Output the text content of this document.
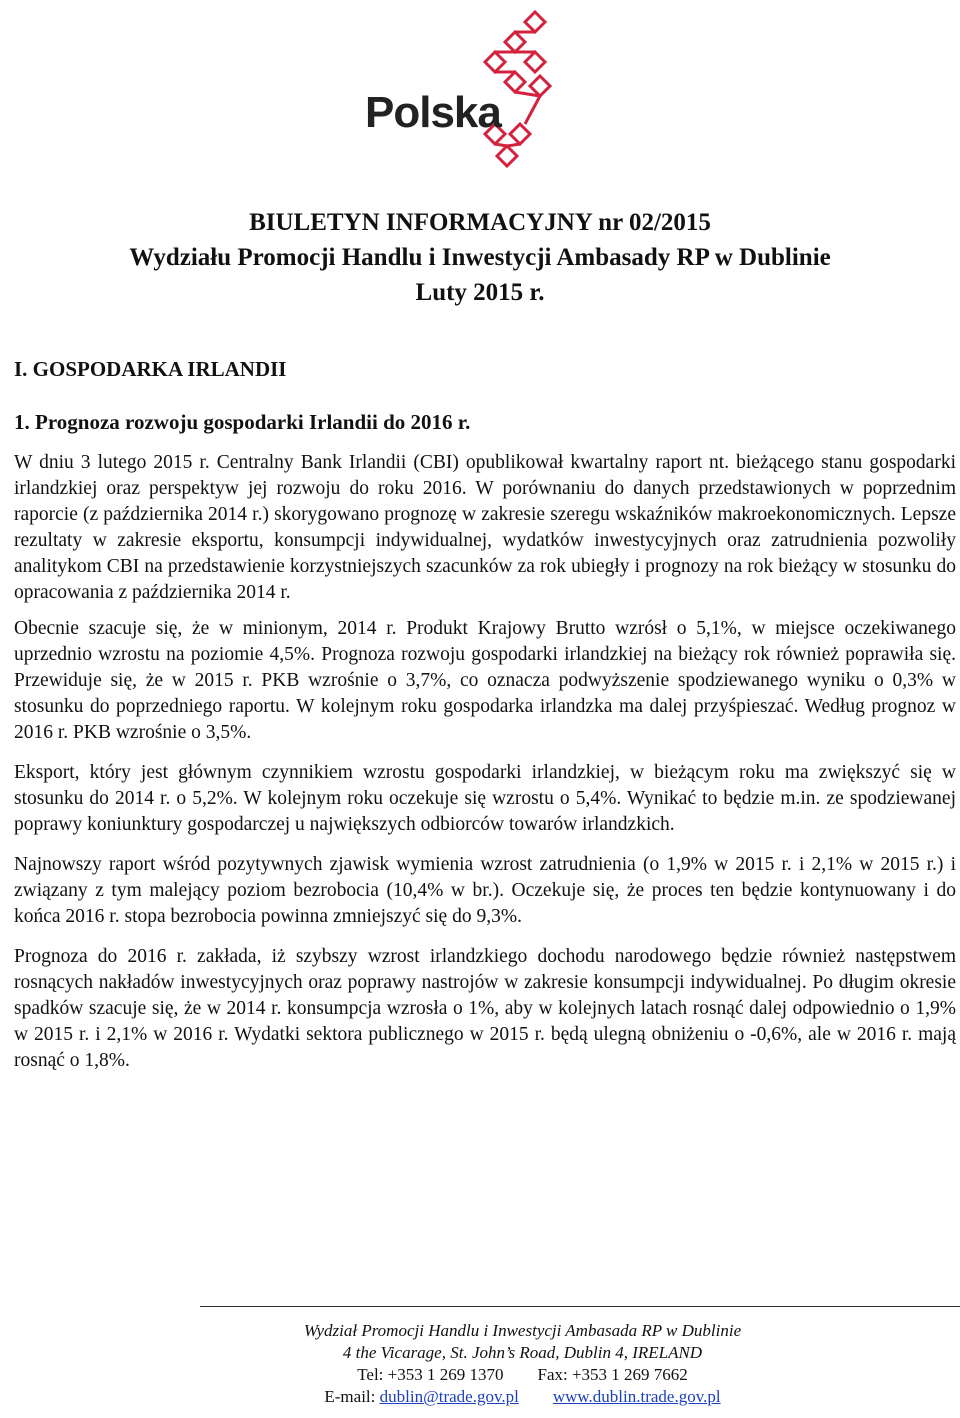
Polska
BIULETYN INFORMACYJNY nr 02/2015
Wydziału Promocji Handlu i Inwestycji Ambasady RP w Dublinie
Luty 2015 r.
I. GOSPODARKA IRLANDII
1. Prognoza rozwoju gospodarki Irlandii do 2016 r.

W dniu 3 lutego 2015 r. Centralny Bank Irlandii (CBI) opublikował kwartalny raport nt. bieżącego stanu gospodarki irlandzkiej oraz perspektyw jej rozwoju do roku 2016. W porównaniu do danych przedstawionych w poprzednim raporcie (z października 2014 r.) skorygowano prognozę w zakresie szeregu wskaźników makroekonomicznych. Lepsze rezultaty w zakresie eksportu, konsumpcji indywidualnej, wydatków inwestycyjnych oraz zatrudnienia pozwoliły analitykom CBI na przedstawienie korzystniejszych szacunków za rok ubiegły i prognozy na rok bieżący w stosunku do opracowania z października 2014 r.

Obecnie szacuje się, że w minionym, 2014 r. Produkt Krajowy Brutto wzrósł o 5,1%, w miejsce oczekiwanego uprzednio wzrostu na poziomie 4,5%. Prognoza rozwoju gospodarki irlandzkiej na bieżący rok również poprawiła się. Przewiduje się, że w 2015 r. PKB wzrośnie o 3,7%, co oznacza podwyższenie spodziewanego wyniku o 0,3% w stosunku do poprzedniego raportu. W kolejnym roku gospodarka irlandzka ma dalej przyśpieszać. Według prognoz w 2016 r. PKB wzrośnie o 3,5%.

Eksport, który jest głównym czynnikiem wzrostu gospodarki irlandzkiej, w bieżącym roku ma zwiększyć się w stosunku do 2014 r. o 5,2%. W kolejnym roku oczekuje się wzrostu o 5,4%. Wynikać to będzie m.in. ze spodziewanej poprawy koniunktury gospodarczej u największych odbiorców towarów irlandzkich.

Najnowszy raport wśród pozytywnych zjawisk wymienia wzrost zatrudnienia (o 1,9% w 2015 r. i 2,1% w 2015 r.) i związany z tym malejący poziom bezrobocia (10,4% w br.). Oczekuje się, że proces ten będzie kontynuowany i do końca 2016 r. stopa bezrobocia powinna zmniejszyć się do 9,3%.

Prognoza do 2016 r. zakłada, iż szybszy wzrost irlandzkiego dochodu narodowego będzie również następstwem rosnących nakładów inwestycyjnych oraz poprawy nastrojów w zakresie konsumpcji indywidualnej. Po długim okresie spadków szacuje się, że w 2014 r. konsumpcja wzrosła o 1%, aby w kolejnych latach rosnąć dalej odpowiednio o 1,9% w 2015 r. i 2,1% w 2016 r. Wydatki sektora publicznego w 2015 r. będą ulegną obniżeniu o -0,6%, ale w 2016 r. mają rosnąć o 1,8%.

Wydział Promocji Handlu i Inwestycji Ambasada RP w Dublinie
4 the Vicarage, St. John’s Road, Dublin 4, IRELAND
Tel: +353 1 269 1370 Fax: +353 1 269 7662
E-mail: dublin@trade.gov.pl www.dublin.trade.gov.pl
